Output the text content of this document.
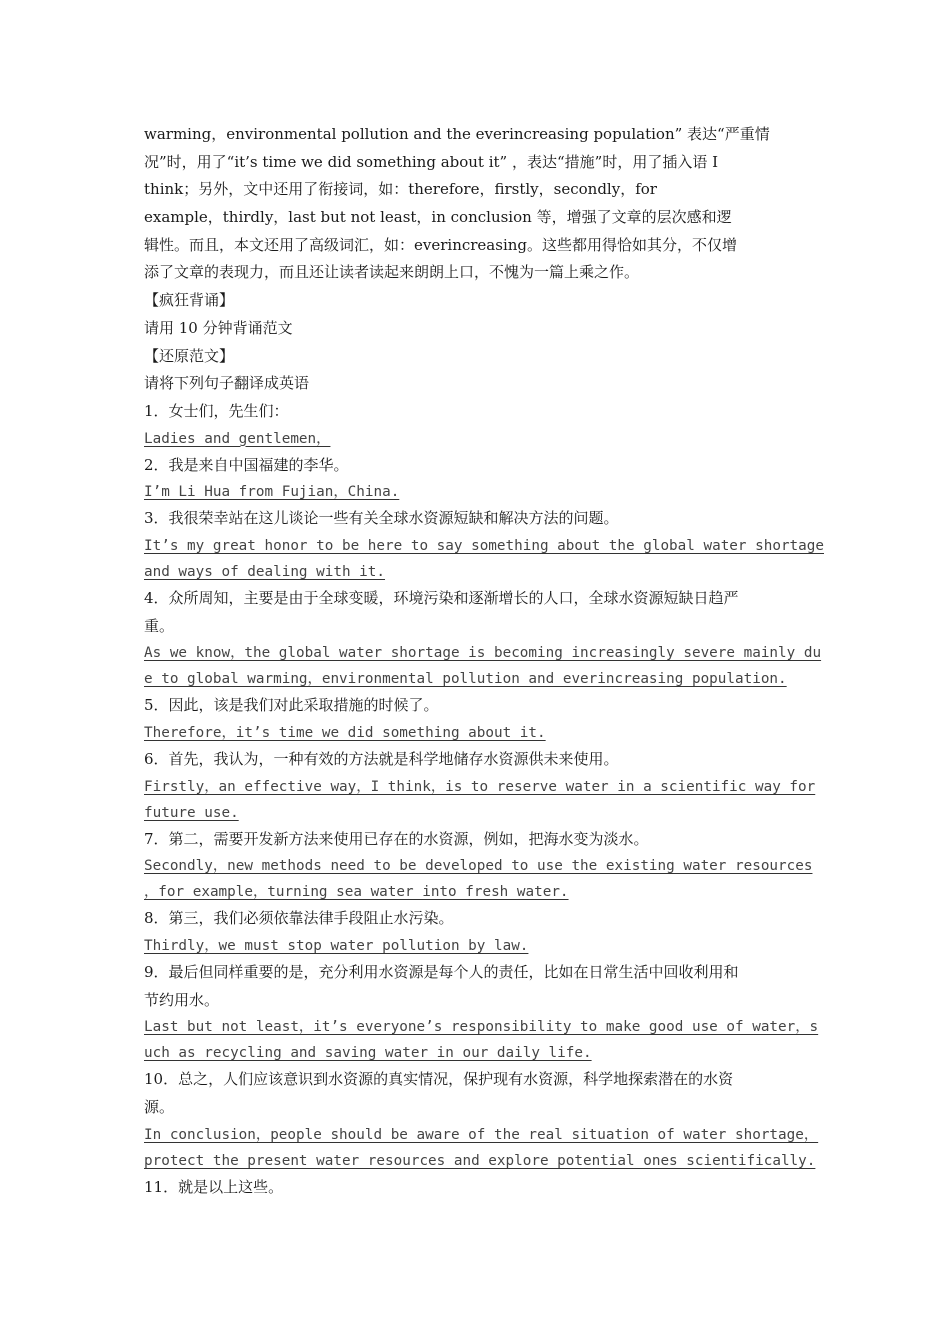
warming，environmental pollution and the everincreasing population” 表达“严重情
况”时，用了“it’s time we did something about it” ，表达“措施”时，用了插入语 I
think；另外，文中还用了衔接词，如：therefore，firstly，secondly，for
example，thirdly，last but not least，in conclusion 等，增强了文章的层次感和逻
辑性。而且，本文还用了高级词汇，如：everincreasing。这些都用得恰如其分，不仅增
添了文章的表现力，而且还让读者读起来朗朗上口，不愧为一篇上乘之作。
【疯狂背诵】
请用 10 分钟背诵范文
【还原范文】
请将下列句子翻译成英语
1．女士们，先生们：
Ladies and gentlemen，
2．我是来自中国福建的李华。
I’m Li Hua from Fujian，China.
3．我很荣幸站在这儿谈论一些有关全球水资源短缺和解决方法的问题。
It’s my great honor to be here to say something about the global water shortage
and ways of dealing with it.
4．众所周知，主要是由于全球变暖，环境污染和逐渐增长的人口，全球水资源短缺日趋严
重。
As we know，the global water shortage is becoming increasingly severe mainly du
e to global warming，environmental pollution and everincreasing population.
5．因此，该是我们对此采取措施的时候了。
Therefore，it’s time we did something about it.
6．首先，我认为，一种有效的方法就是科学地储存水资源供未来使用。
Firstly，an effective way，I think，is to reserve water in a scientific way for
future use.
7．第二，需要开发新方法来使用已存在的水资源，例如，把海水变为淡水。
Secondly，new methods need to be developed to use the existing water resources
，for example，turning sea water into fresh water.
8．第三，我们必须依靠法律手段阻止水污染。
Thirdly，we must stop water pollution by law.
9．最后但同样重要的是，充分利用水资源是每个人的责任，比如在日常生活中回收利用和
节约用水。
Last but not least，it’s everyone’s responsibility to make good use of water，s
uch as recycling and saving water in our daily life.
10．总之，人们应该意识到水资源的真实情况，保护现有水资源，科学地探索潜在的水资
源。
In conclusion，people should be aware of the real situation of water shortage，
protect the present water resources and explore potential ones scientifically.
11．就是以上这些。
